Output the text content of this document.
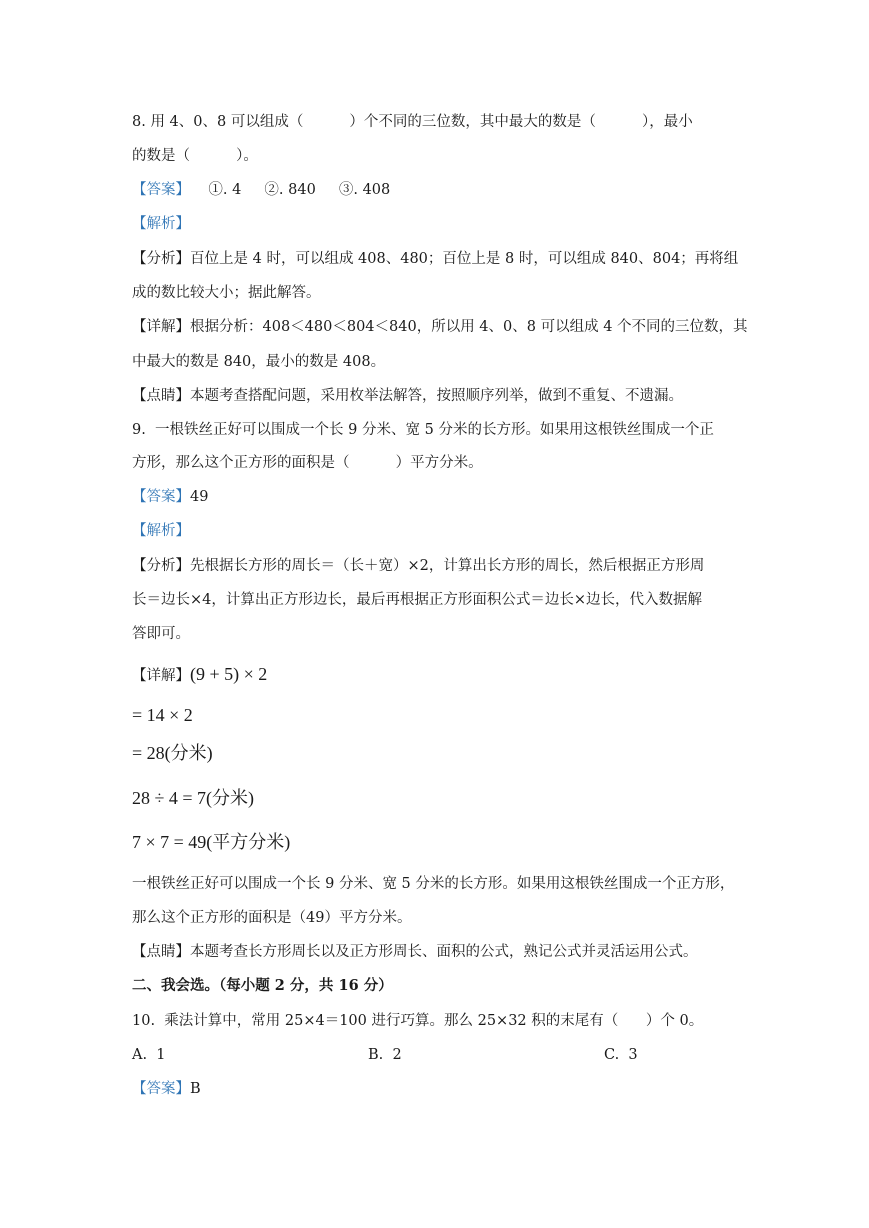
8. 用 4、0、8 可以组成（          ）个不同的三位数，其中最大的数是（          ），最小
的数是（          ）。
【答案】    ①. 4     ②. 840     ③. 408
【解析】
【分析】百位上是 4 时，可以组成 408、480；百位上是 8 时，可以组成 840、804；再将组
成的数比较大小；据此解答。
【详解】根据分析：408＜480＜804＜840，所以用 4、0、8 可以组成 4 个不同的三位数，其
中最大的数是 840，最小的数是 408。
【点睛】本题考查搭配问题，采用枚举法解答，按照顺序列举，做到不重复、不遗漏。
9.  一根铁丝正好可以围成一个长 9 分米、宽 5 分米的长方形。如果用这根铁丝围成一个正
方形，那么这个正方形的面积是（          ）平方分米。
【答案】49
【解析】
【分析】先根据长方形的周长＝（长＋宽）×2，计算出长方形的周长，然后根据正方形周
长＝边长×4，计算出正方形边长，最后再根据正方形面积公式＝边长×边长，代入数据解
答即可。
【详解】(9 + 5) × 2
= 14 × 2
= 28(分米)
28 ÷ 4 = 7(分米)
7 × 7 = 49(平方分米)
一根铁丝正好可以围成一个长 9 分米、宽 5 分米的长方形。如果用这根铁丝围成一个正方形，
那么这个正方形的面积是（49）平方分米。
【点睛】本题考查长方形周长以及正方形周长、面积的公式，熟记公式并灵活运用公式。
二、我会选。（每小题 2 分，共 16 分）
10.  乘法计算中，常用 25×4＝100 进行巧算。那么 25×32 积的末尾有（      ）个 0。
A.  1	B.  2	C.  3
【答案】B
